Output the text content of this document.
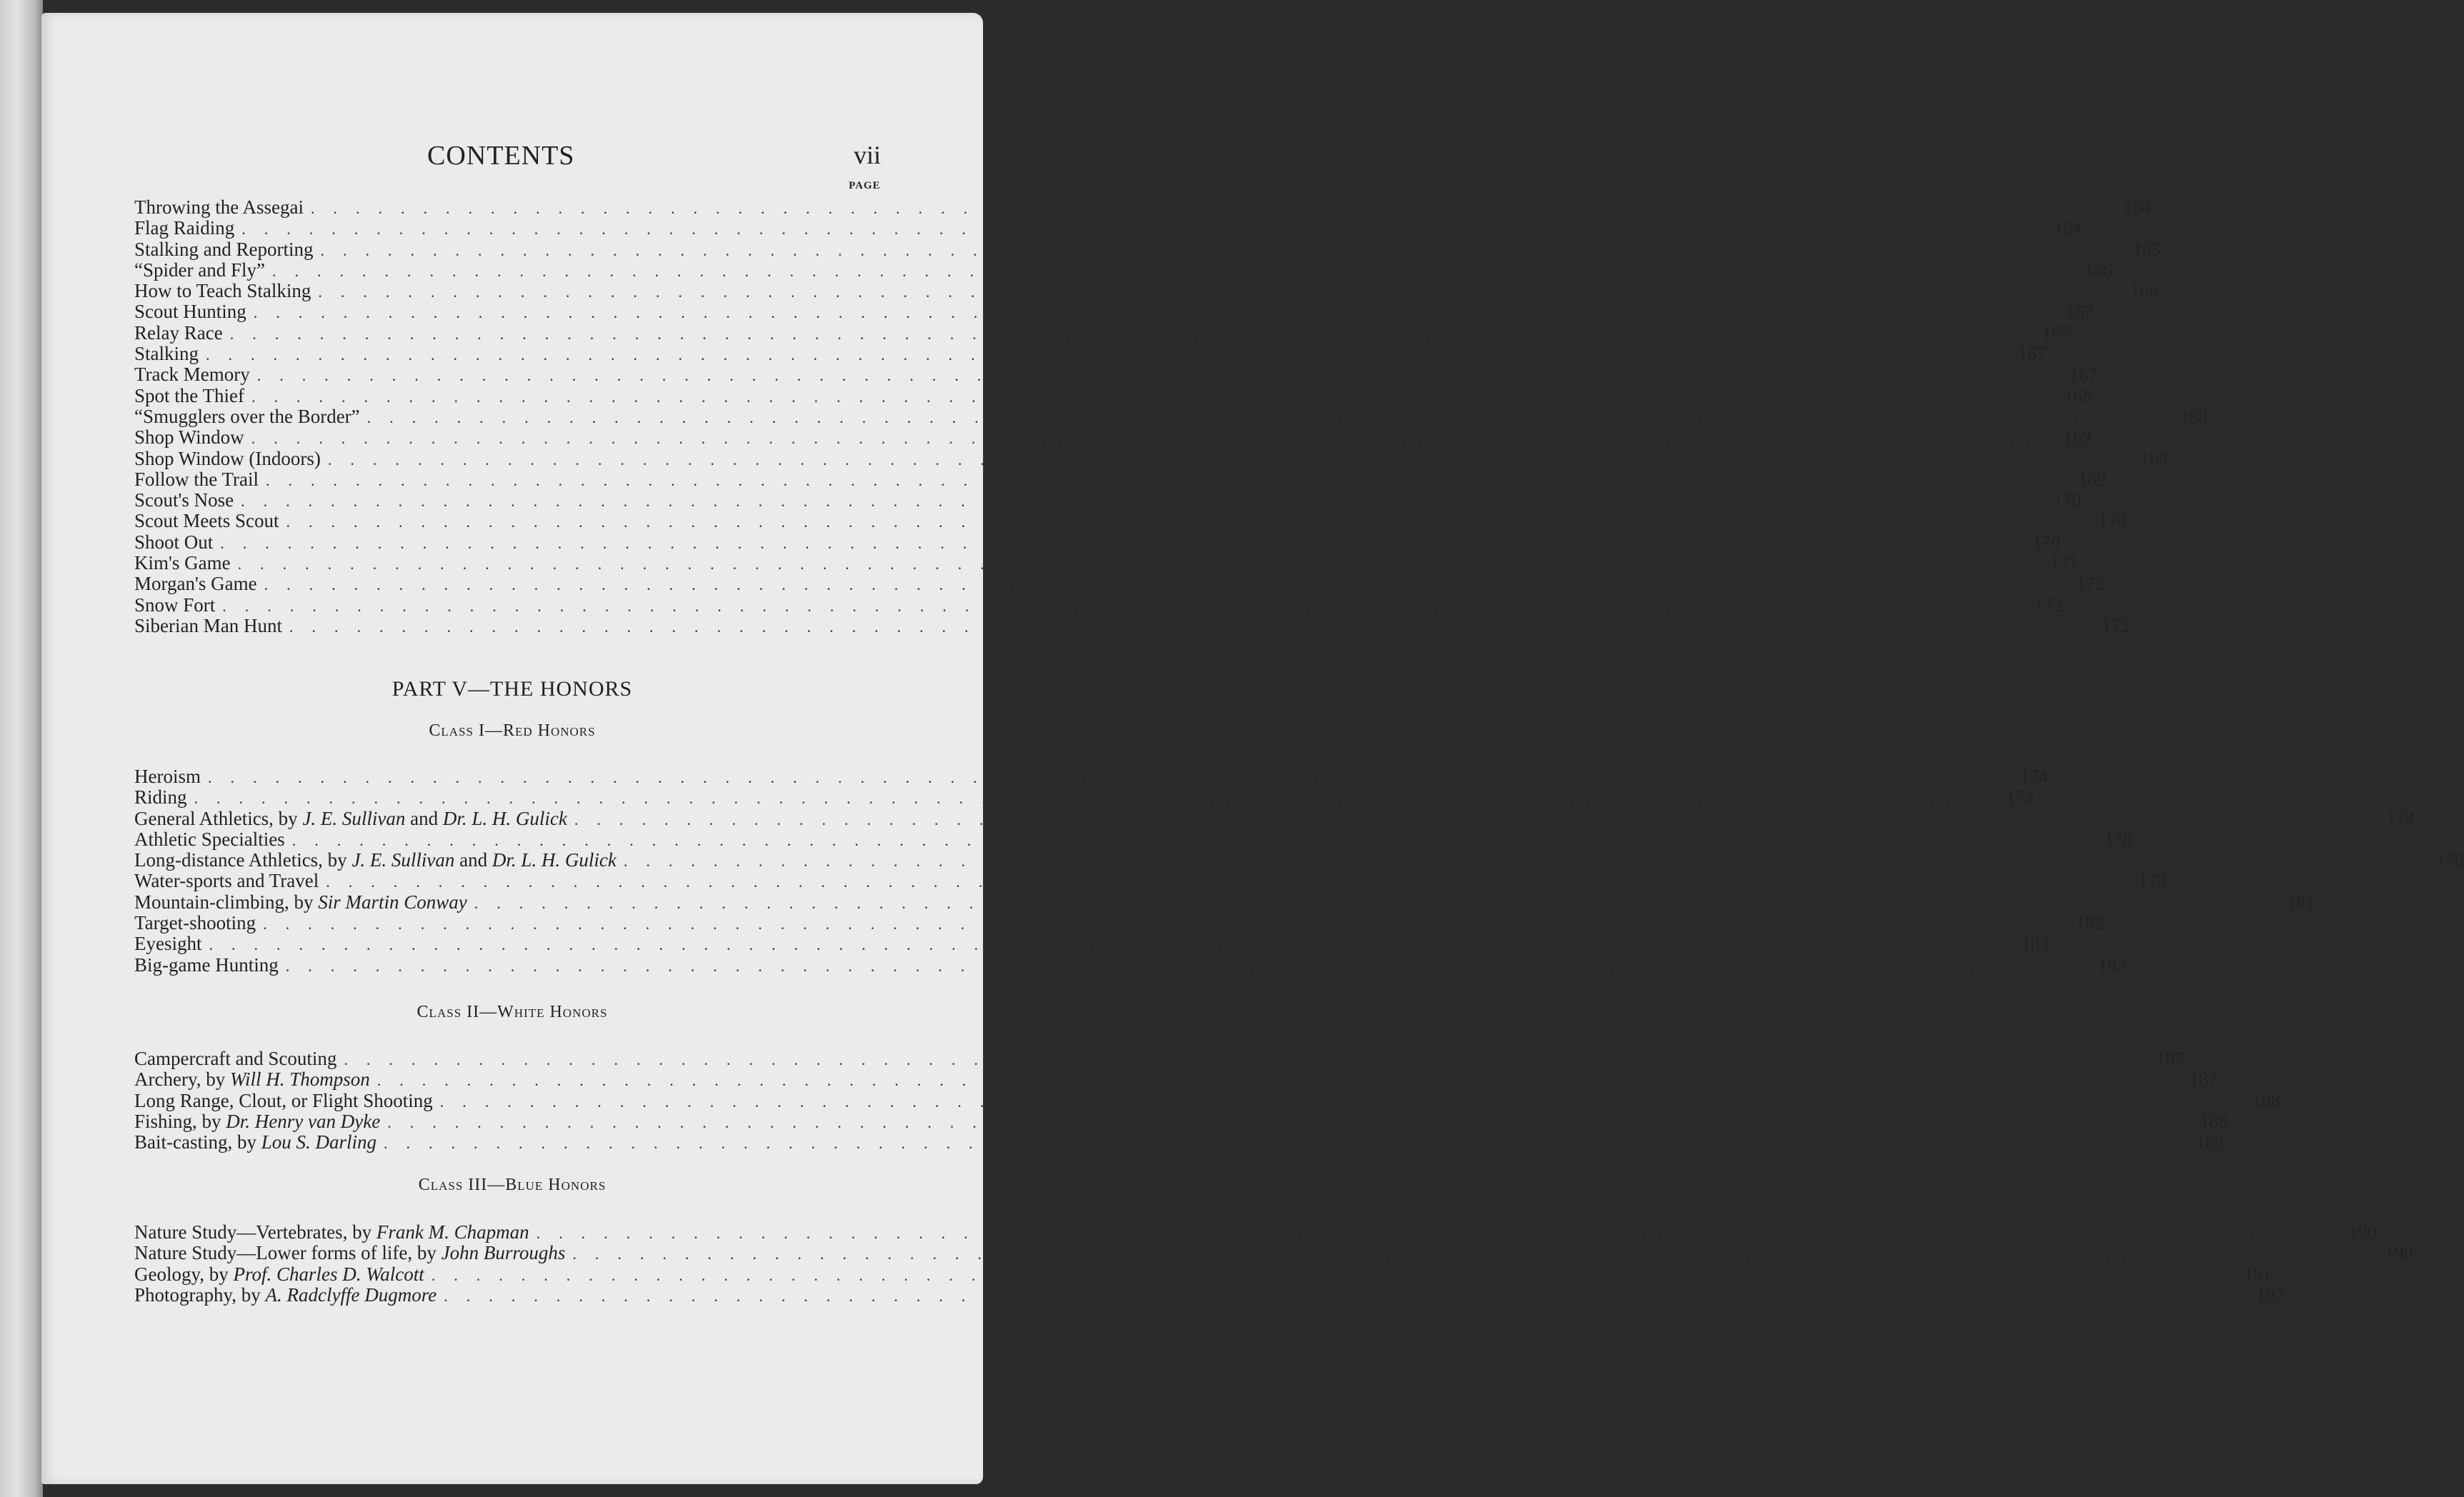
CONTENTS	vii
PAGE
Throwing the Assegai ................................................................................ 164
Flag Raiding ................................................................................ 164
Stalking and Reporting ................................................................................ 165
“Spider and Fly” ................................................................................ 166
How to Teach Stalking ................................................................................ 166
Scout Hunting ................................................................................ 167
Relay Race ................................................................................ 167
Stalking ................................................................................ 167
Track Memory ................................................................................ 167
Spot the Thief ................................................................................ 168
“Smugglers over the Border” ................................................................................ 168
Shop Window ................................................................................ 169
Shop Window (Indoors) ................................................................................ 169
Follow the Trail ................................................................................ 169
Scout's Nose ................................................................................ 170
Scout Meets Scout ................................................................................ 170
Shoot Out ................................................................................ 170
Kim's Game ................................................................................ 171
Morgan's Game ................................................................................ 172
Snow Fort ................................................................................ 172
Siberian Man Hunt ................................................................................ 172
PART V—THE HONORS
Class I—Red Honors
Heroism ................................................................................ 174
Riding ................................................................................ 174
General Athletics, by J. E. Sullivan and Dr. L. H. Gulick ................................................................................ 174
Athletic Specialties ................................................................................ 178
Long-distance Athletics, by J. E. Sullivan and Dr. L. H. Gulick ................................................................................ 178
Water-sports and Travel ................................................................................ 179
Mountain-climbing, by Sir Martin Conway ................................................................................ 181
Target-shooting ................................................................................ 182
Eyesight ................................................................................ 183
Big-game Hunting ................................................................................ 183
Class II—White Honors
Campercraft and Scouting ................................................................................ 185
Archery, by Will H. Thompson ................................................................................ 187
Long Range, Clout, or Flight Shooting ................................................................................ 188
Fishing, by Dr. Henry van Dyke ................................................................................ 188
Bait-casting, by Lou S. Darling ................................................................................ 189
Class III—Blue Honors
Nature Study—Vertebrates, by Frank M. Chapman ................................................................................ 190
Nature Study—Lower forms of life, by John Burroughs ................................................................................ 190
Geology, by Prof. Charles D. Walcott ................................................................................ 191
Photography, by A. Radclyffe Dugmore ................................................................................ 192
